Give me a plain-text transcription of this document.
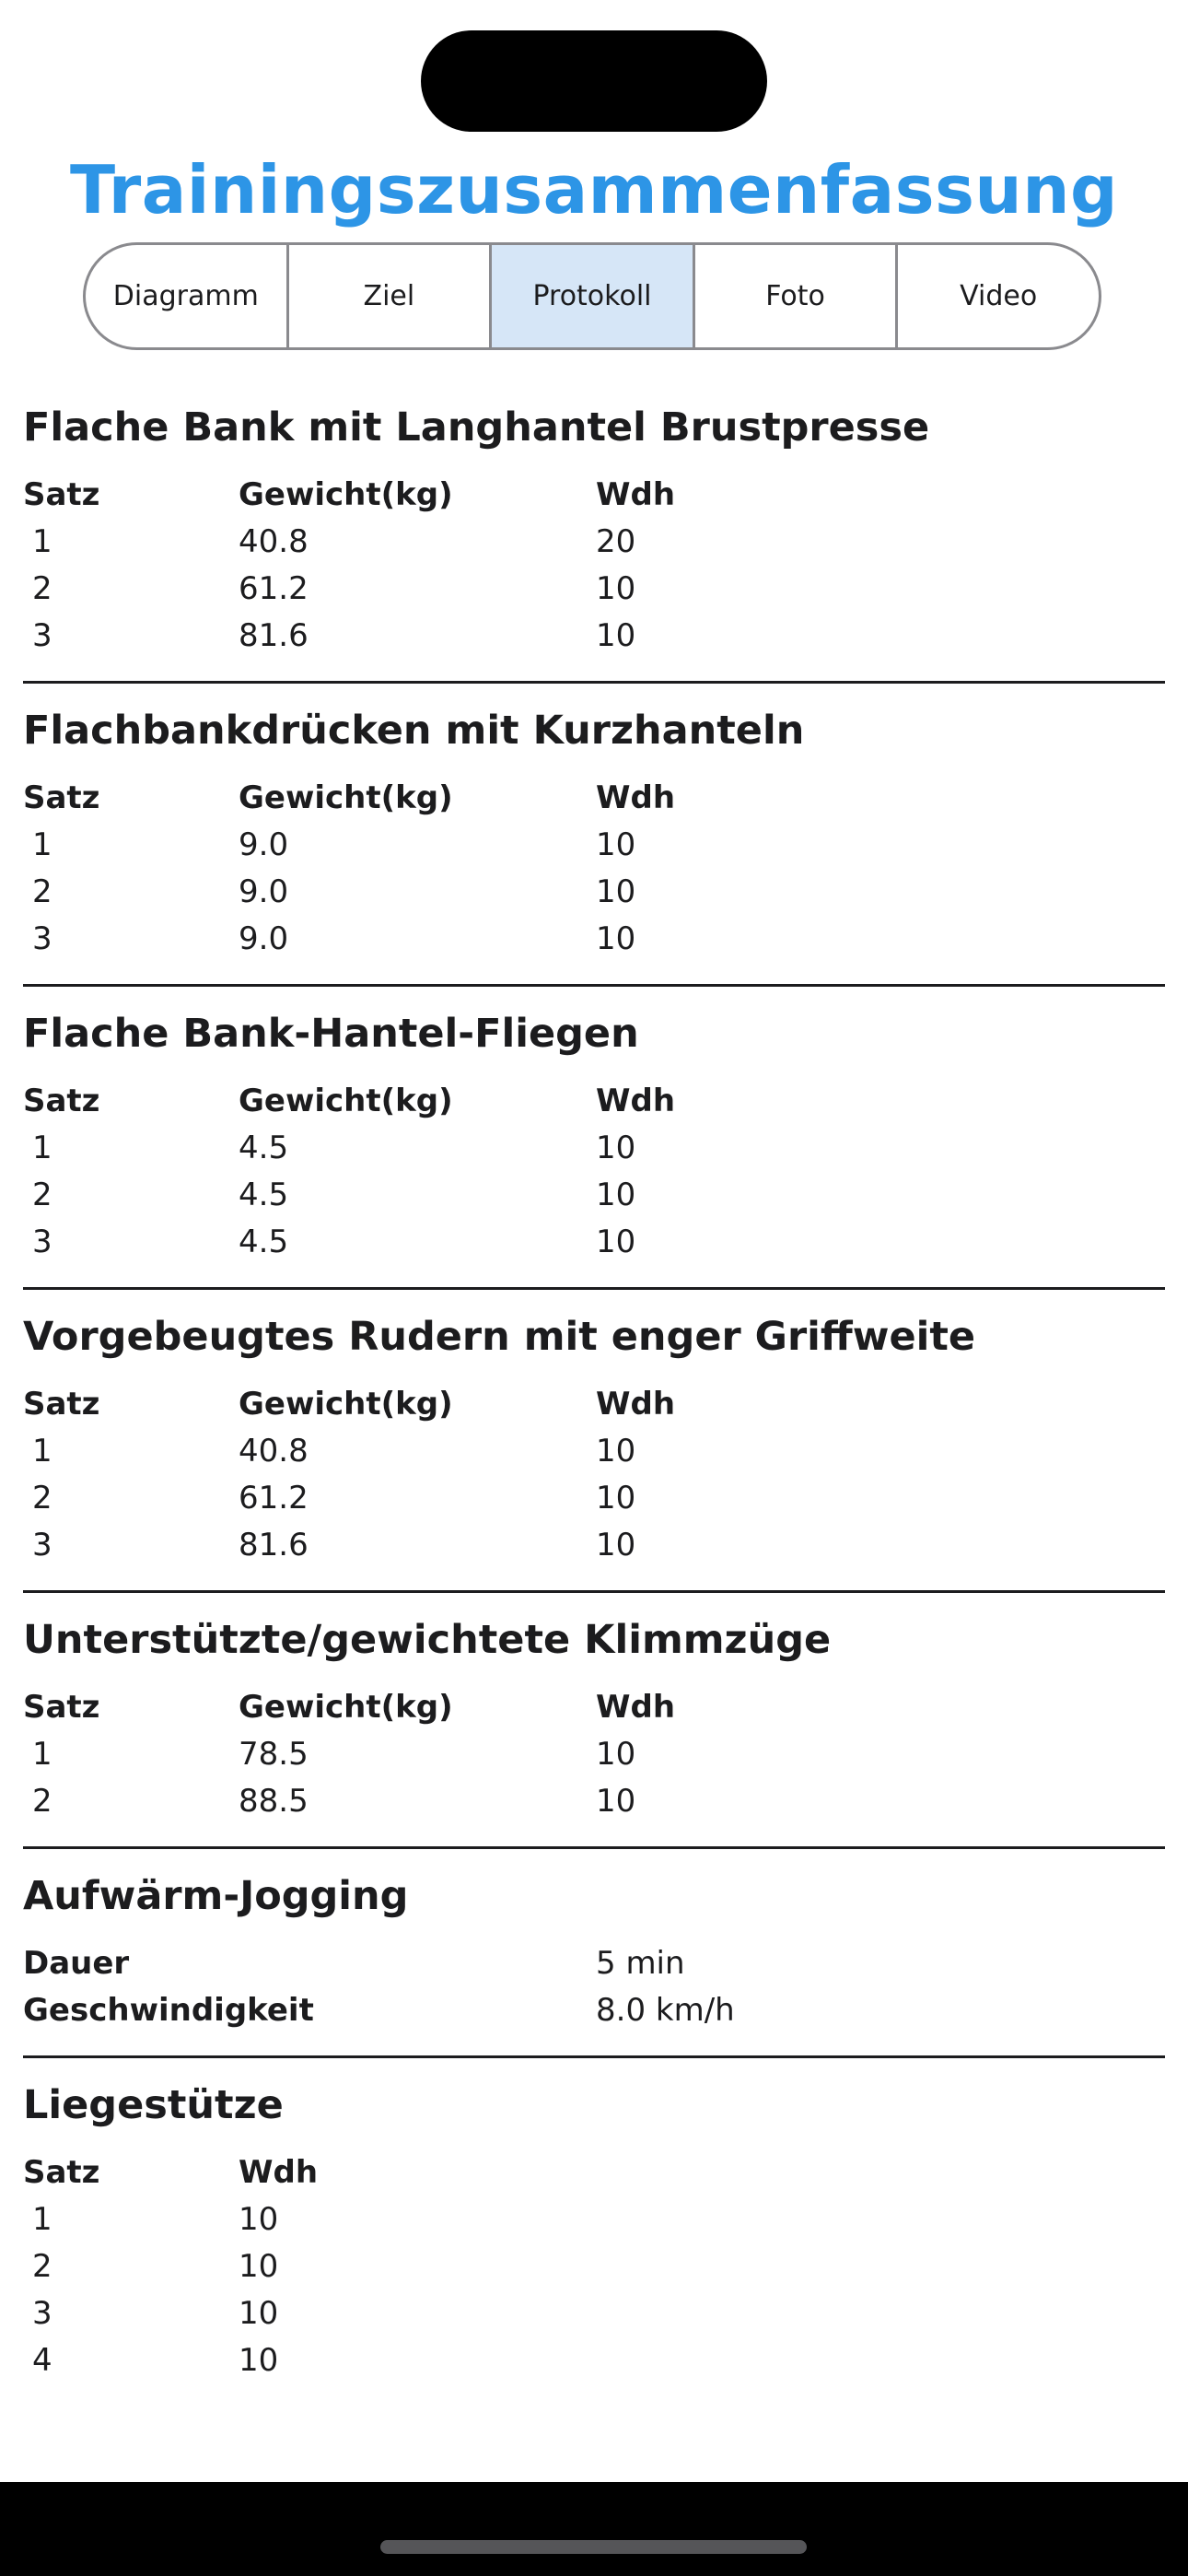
Trainingszusammenfassung
Diagramm	Ziel	Protokoll	Foto	Video
Flache Bank mit Langhantel Brustpresse
Satz	Gewicht(kg)	Wdh
1	40.8	20
2	61.2	10
3	81.6	10
Flachbankdrücken mit Kurzhanteln
Satz	Gewicht(kg)	Wdh
1	9.0	10
2	9.0	10
3	9.0	10
Flache Bank-Hantel-Fliegen
Satz	Gewicht(kg)	Wdh
1	4.5	10
2	4.5	10
3	4.5	10
Vorgebeugtes Rudern mit enger Griffweite
Satz	Gewicht(kg)	Wdh
1	40.8	10
2	61.2	10
3	81.6	10
Unterstützte/gewichtete Klimmzüge
Satz	Gewicht(kg)	Wdh
1	78.5	10
2	88.5	10
Aufwärm-Jogging
Dauer	5 min
Geschwindigkeit	8.0 km/h
Liegestütze
Satz	Wdh
1	10
2	10
3	10
4	10
